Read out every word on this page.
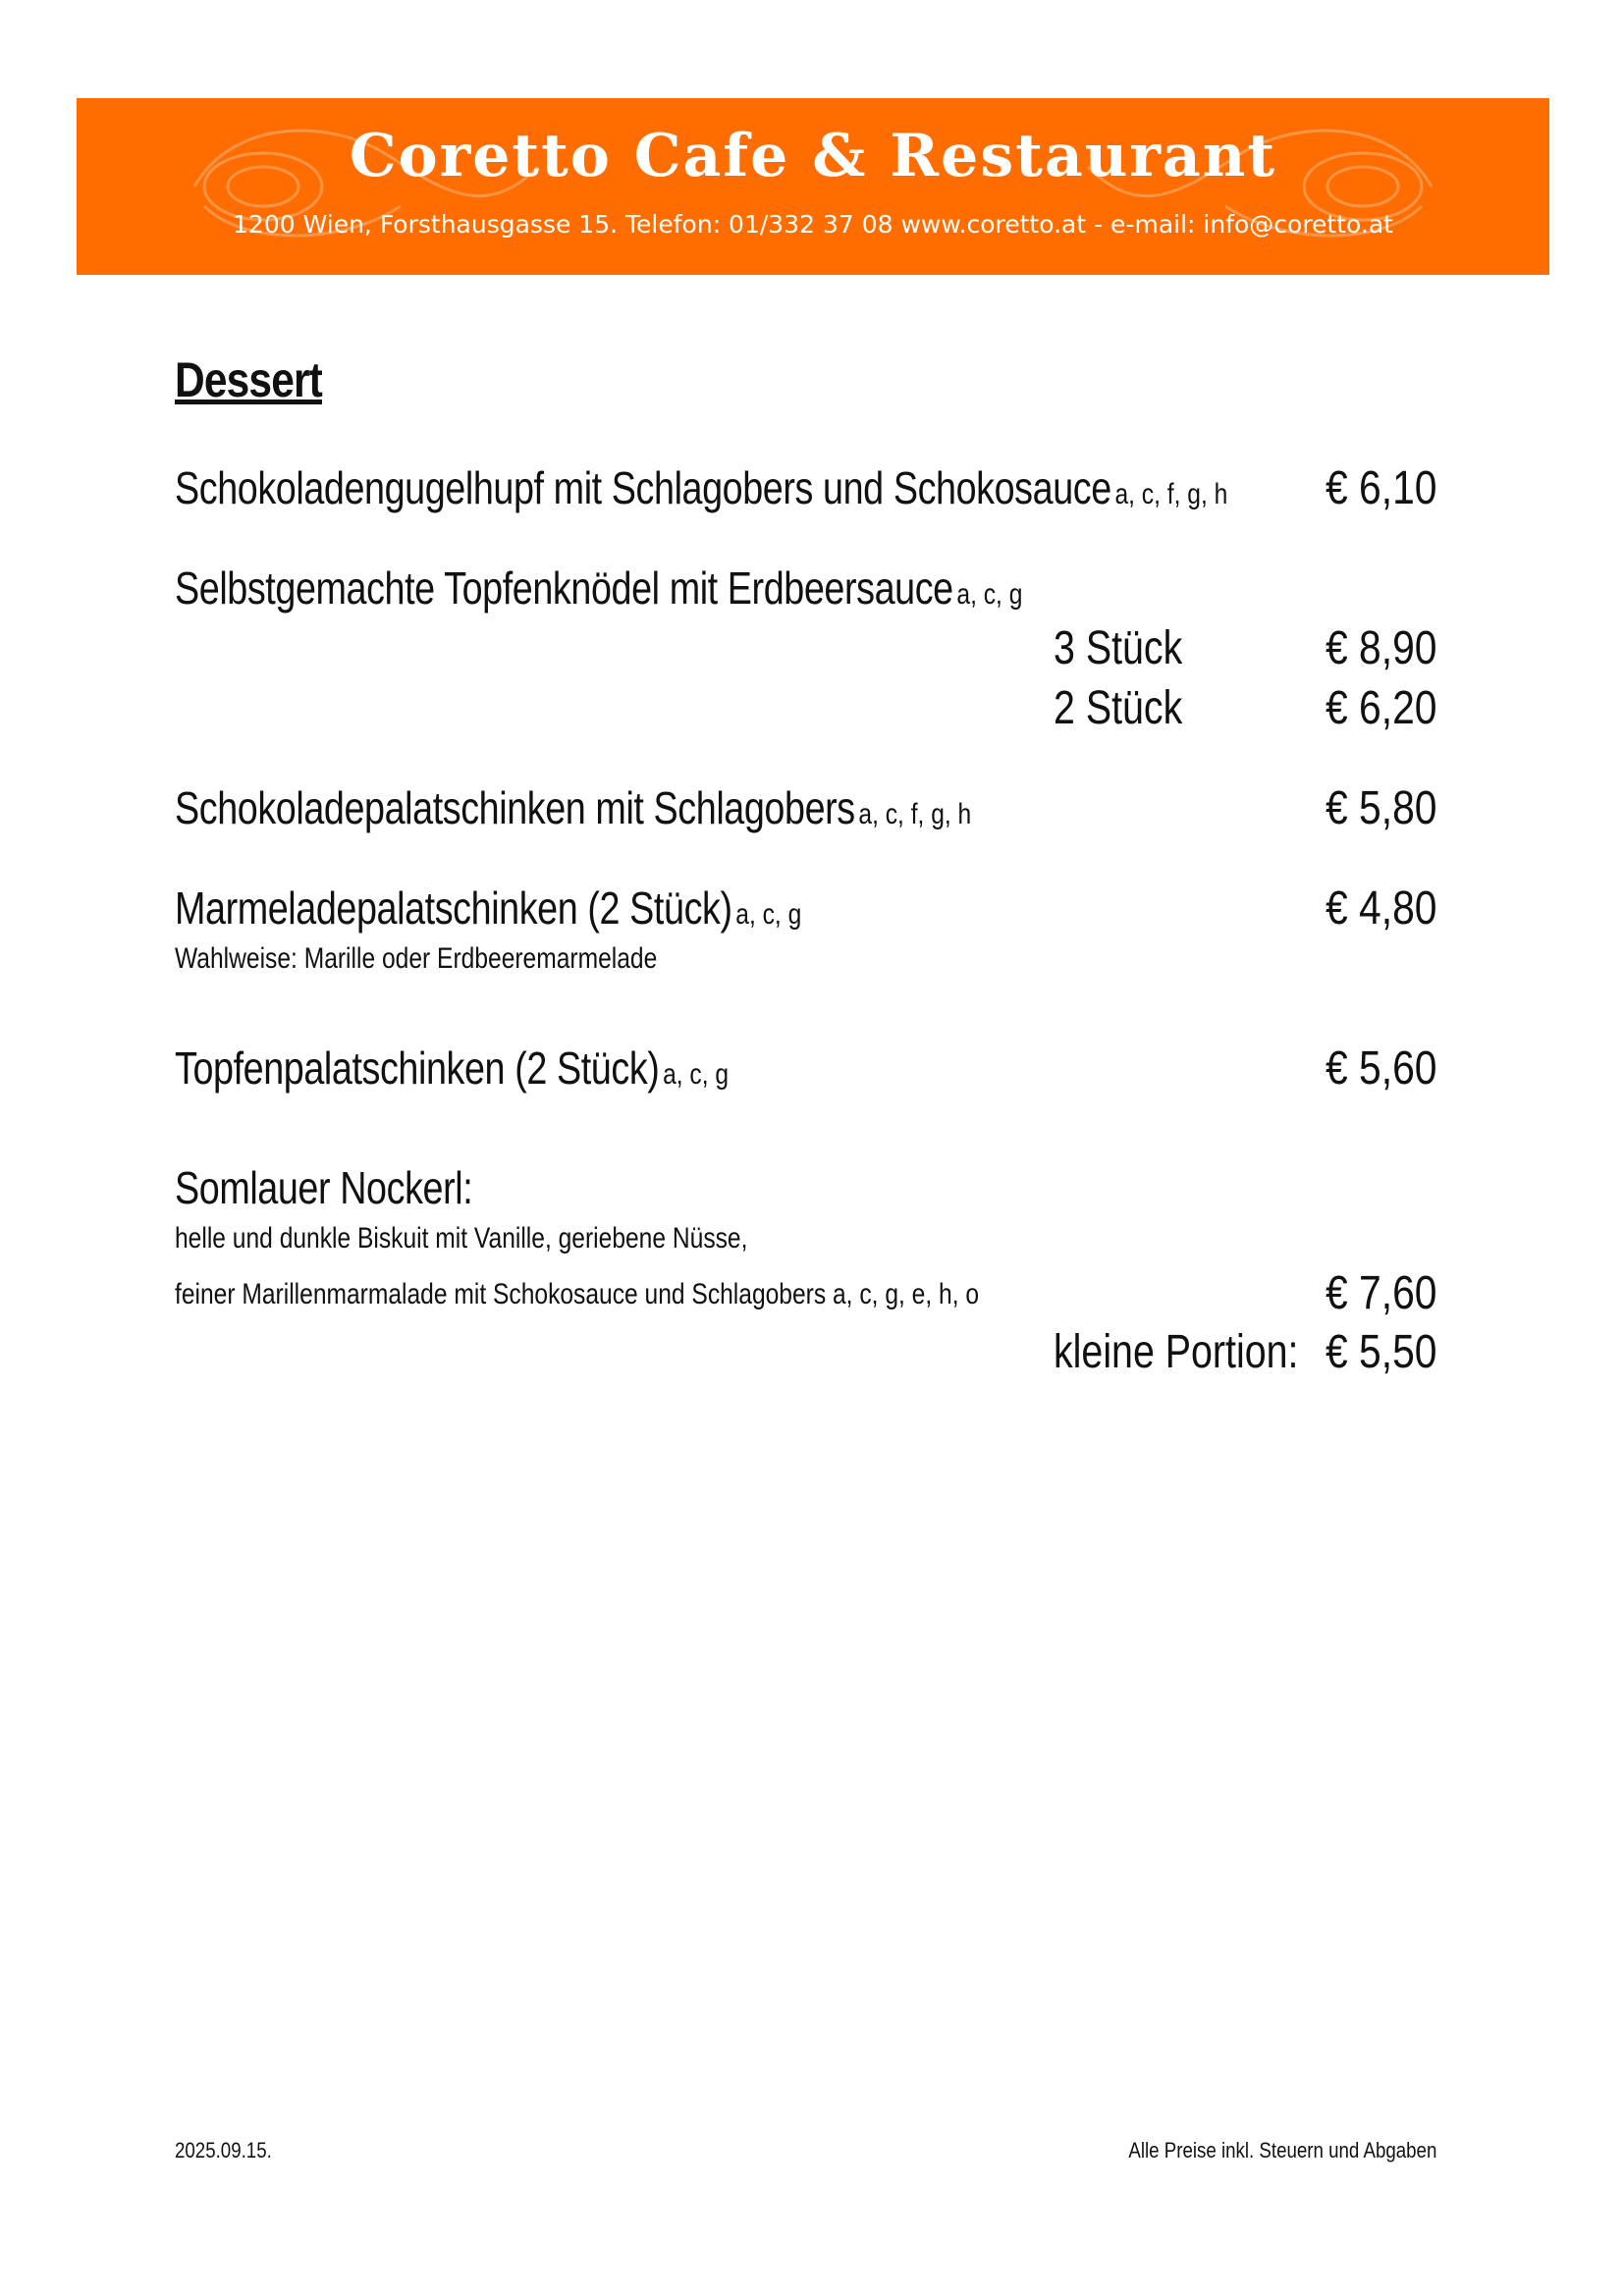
Coretto Cafe & Restaurant
1200 Wien, Forsthausgasse 15. Telefon: 01/332 37 08 www.coretto.at - e-mail: info@coretto.at
Dessert
Schokoladengugelhupf mit Schlagobers und Schokosauce a, c, f, g, h € 6,10
Selbstgemachte Topfenknödel mit Erdbeersauce a, c, g
3 Stück	€ 8,90
2 Stück	€ 6,20
Schokoladepalatschinken mit Schlagobers a, c, f, g, h	€ 5,80
Marmeladepalatschinken (2 Stück) a, c, g	€ 4,80
Wahlweise: Marille oder Erdbeeremarmelade
Topfenpalatschinken (2 Stück) a, c, g	€ 5,60
Somlauer Nockerl:
helle und dunkle Biskuit mit Vanille, geriebene Nüsse,
feiner Marillenmarmalade mit Schokosauce und Schlagobers a, c, g, e, h, o	€ 7,60
kleine Portion: € 5,50
2025.09.15.	Alle Preise inkl. Steuern und Abgaben
